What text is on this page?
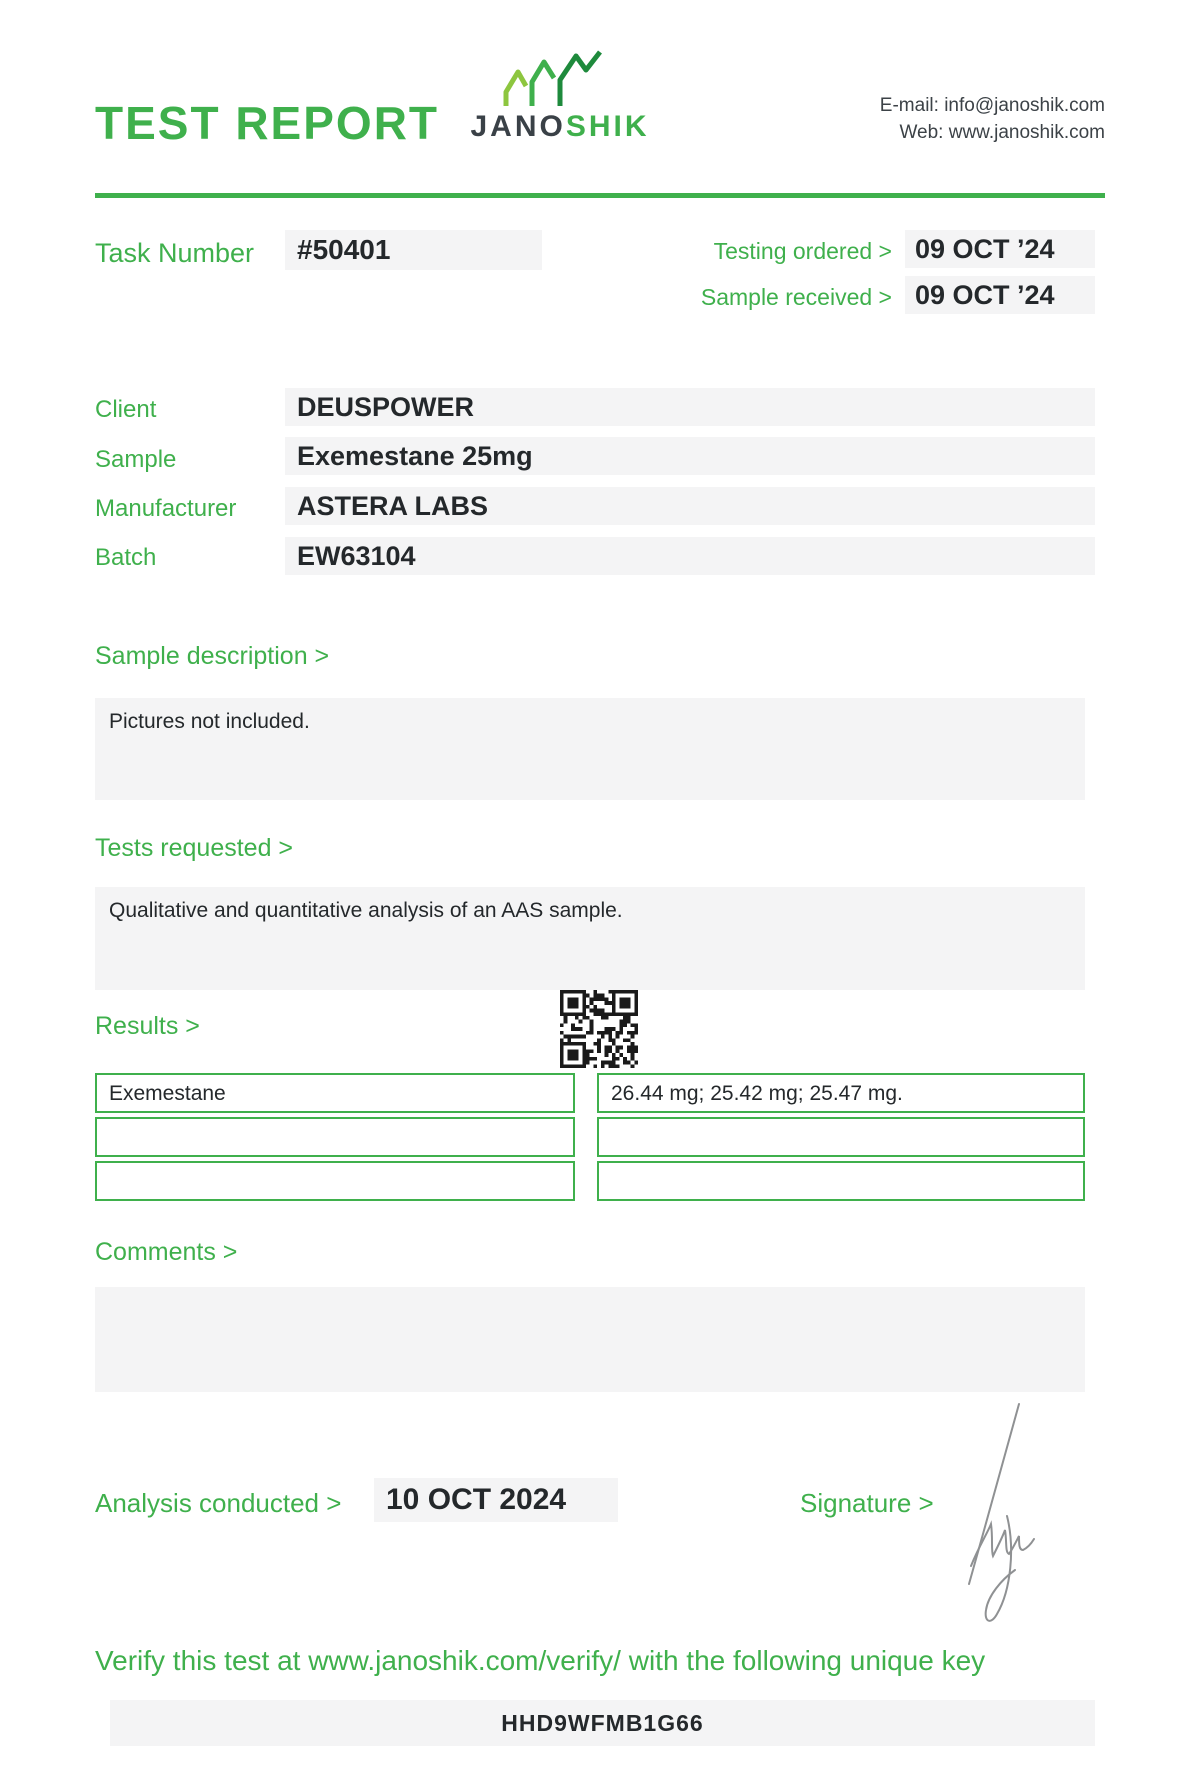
TEST REPORT	JANOSHIK
E-mail: info@janoshik.com
Web: www.janoshik.com
Task Number	#50401	Testing ordered > 09 OCT ’24
Sample received > 09 OCT ’24
Client	DEUSPOWER
Sample	Exemestane 25mg
Manufacturer	ASTERA LABS
Batch	EW63104
Sample description >
Pictures not included.
Tests requested >
Qualitative and quantitative analysis of an AAS sample.
Results >
Exemestane	26.44 mg; 25.42 mg; 25.47 mg.
Comments >
Analysis conducted >	10 OCT 2024	Signature >
Verify this test at www.janoshik.com/verify/ with the following unique key
HHD9WFMB1G66
